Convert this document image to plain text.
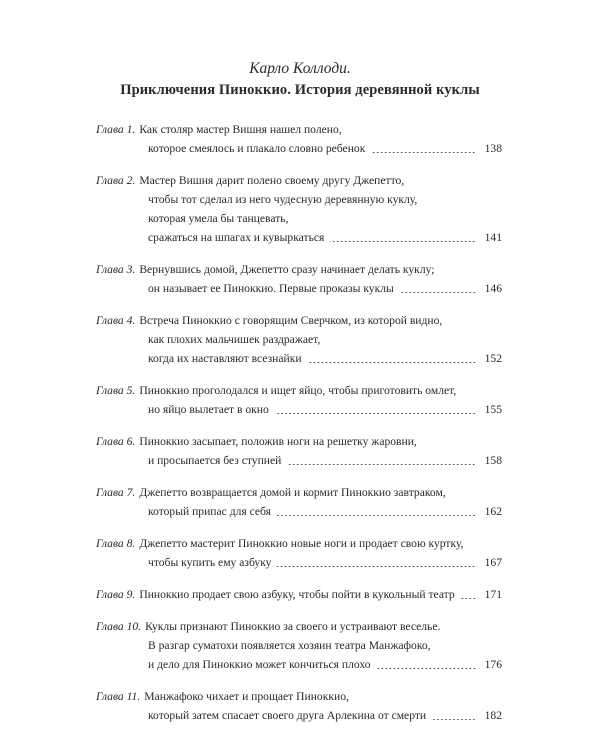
Карло Коллоди.
Приключения Пиноккио. История деревянной куклы
Глава 1. Как столяр мастер Вишня нашел полено,
которое смеялось и плакало словно ребенок	138
Глава 2. Мастер Вишня дарит полено своему другу Джепетто,
чтобы тот сделал из него чудесную деревянную куклу,
которая умела бы танцевать,
сражаться на шпагах и кувыркаться	141
Глава 3. Вернувшись домой, Джепетто сразу начинает делать куклу;
он называет ее Пиноккио. Первые проказы куклы	146
Глава 4. Встреча Пиноккио с говорящим Сверчком, из которой видно,
как плохих мальчишек раздражает,
когда их наставляют всезнайки	152
Глава 5. Пиноккио проголодался и ищет яйцо, чтобы приготовить омлет,
но яйцо вылетает в окно	155
Глава 6. Пиноккио засыпает, положив ноги на решетку жаровни,
и просыпается без ступней	158
Глава 7. Джепетто возвращается домой и кормит Пиноккио завтраком,
который припас для себя	162
Глава 8. Джепетто мастерит Пиноккио новые ноги и продает свою куртку,
чтобы купить ему азбуку	167
Глава 9. Пиноккио продает свою азбуку, чтобы пойти в кукольный театр	171
Глава 10. Куклы признают Пиноккио за своего и устраивают веселье.
В разгар суматохи появляется хозяин театра Манжафоко,
и дело для Пиноккио может кончиться плохо	176
Глава 11. Манжафоко чихает и прощает Пиноккио,
который затем спасает своего друга Арлекина от смерти	182
